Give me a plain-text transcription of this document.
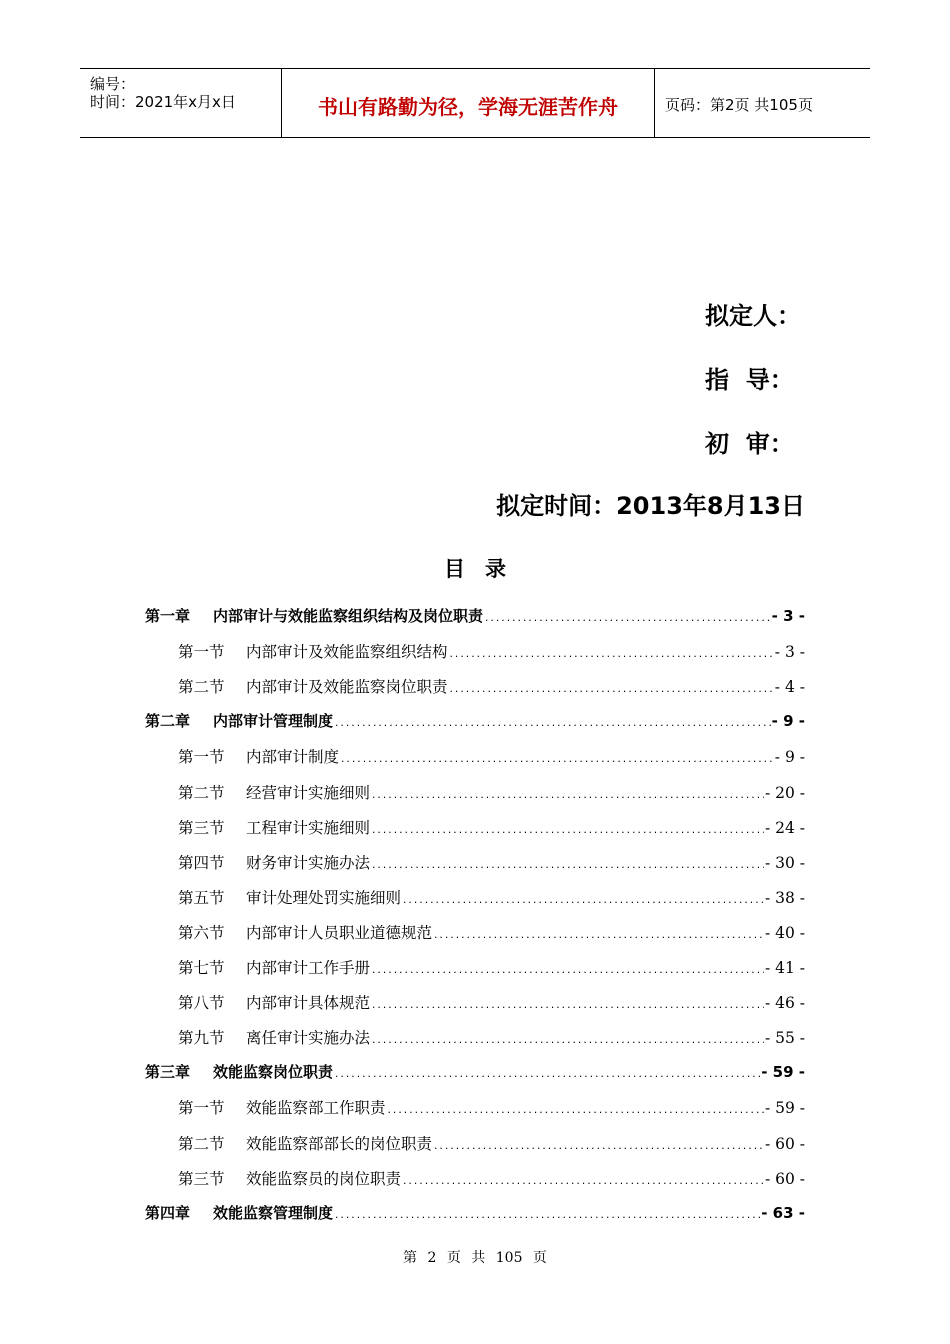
编号：
时间：2021年x月x日	书山有路勤为径，学海无涯苦作舟	页码：第2页 共105页
拟定人：
指  导：
初  审：
拟定时间：2013年8月13日
目录
第一章	内部审计与效能监察组织结构及岗位职责 .....	- 3 -
第一节	内部审计及效能监察组织结构 .....	- 3 -
第二节	内部审计及效能监察岗位职责 .....	- 4 -
第二章	内部审计管理制度 .....	- 9 -
第一节	内部审计制度 .....	- 9 -
第二节	经营审计实施细则 .....	- 20 -
第三节	工程审计实施细则 .....	- 24 -
第四节	财务审计实施办法 .....	- 30 -
第五节	审计处理处罚实施细则 .....	- 38 -
第六节	内部审计人员职业道德规范 .....	- 40 -
第七节	内部审计工作手册 .....	- 41 -
第八节	内部审计具体规范 .....	- 46 -
第九节	离任审计实施办法 .....	- 55 -
第三章	效能监察岗位职责 .....	- 59 -
第一节	效能监察部工作职责 .....	- 59 -
第二节	效能监察部部长的岗位职责 .....	- 60 -
第三节	效能监察员的岗位职责 .....	- 60 -
第四章	效能监察管理制度 .....	- 63 -
第 2 页 共 105 页
